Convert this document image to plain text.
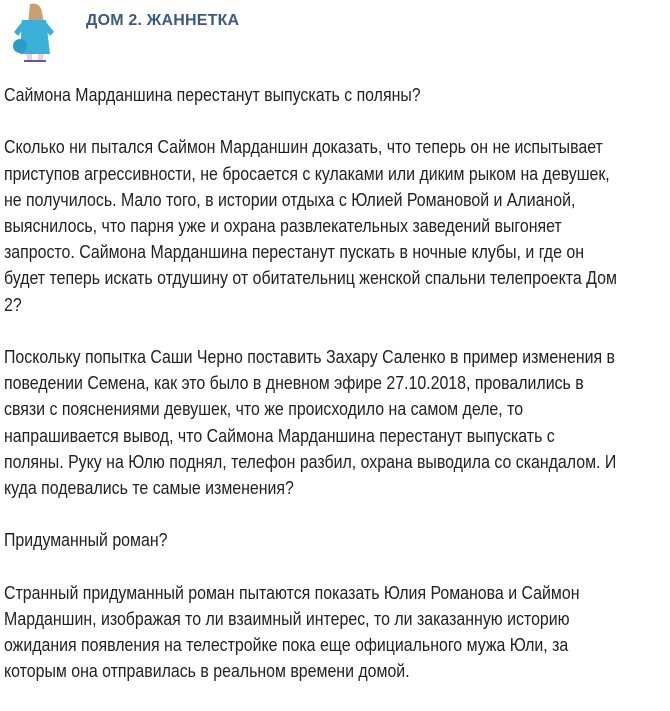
ДОМ 2. ЖАННЕТКА

Саймона Марданшина перестанут выпускать с поляны?

Сколько ни пытался Саймон Марданшин доказать, что теперь он не испытывает
приступов агрессивности, не бросается с кулаками или диким рыком на девушек,
не получилось. Мало того, в истории отдыха с Юлией Романовой и Алианой,
выяснилось, что парня уже и охрана развлекательных заведений выгоняет
запросто. Саймона Марданшина перестанут пускать в ночные клубы, и где он
будет теперь искать отдушину от обитательниц женской спальни телепроекта Дом
2?

Поскольку попытка Саши Черно поставить Захару Саленко в пример изменения в
поведении Семена, как это было в дневном эфире 27.10.2018, провалились в
связи с пояснениями девушек, что же происходило на самом деле, то
напрашивается вывод, что Саймона Марданшина перестанут выпускать с
поляны. Руку на Юлю поднял, телефон разбил, охрана выводила со скандалом. И
куда подевались те самые изменения?

Придуманный роман?

Странный придуманный роман пытаются показать Юлия Романова и Саймон
Марданшин, изображая то ли взаимный интерес, то ли заказанную историю
ожидания появления на телестройке пока еще официального мужа Юли, за
которым она отправилась в реальном времени домой.
